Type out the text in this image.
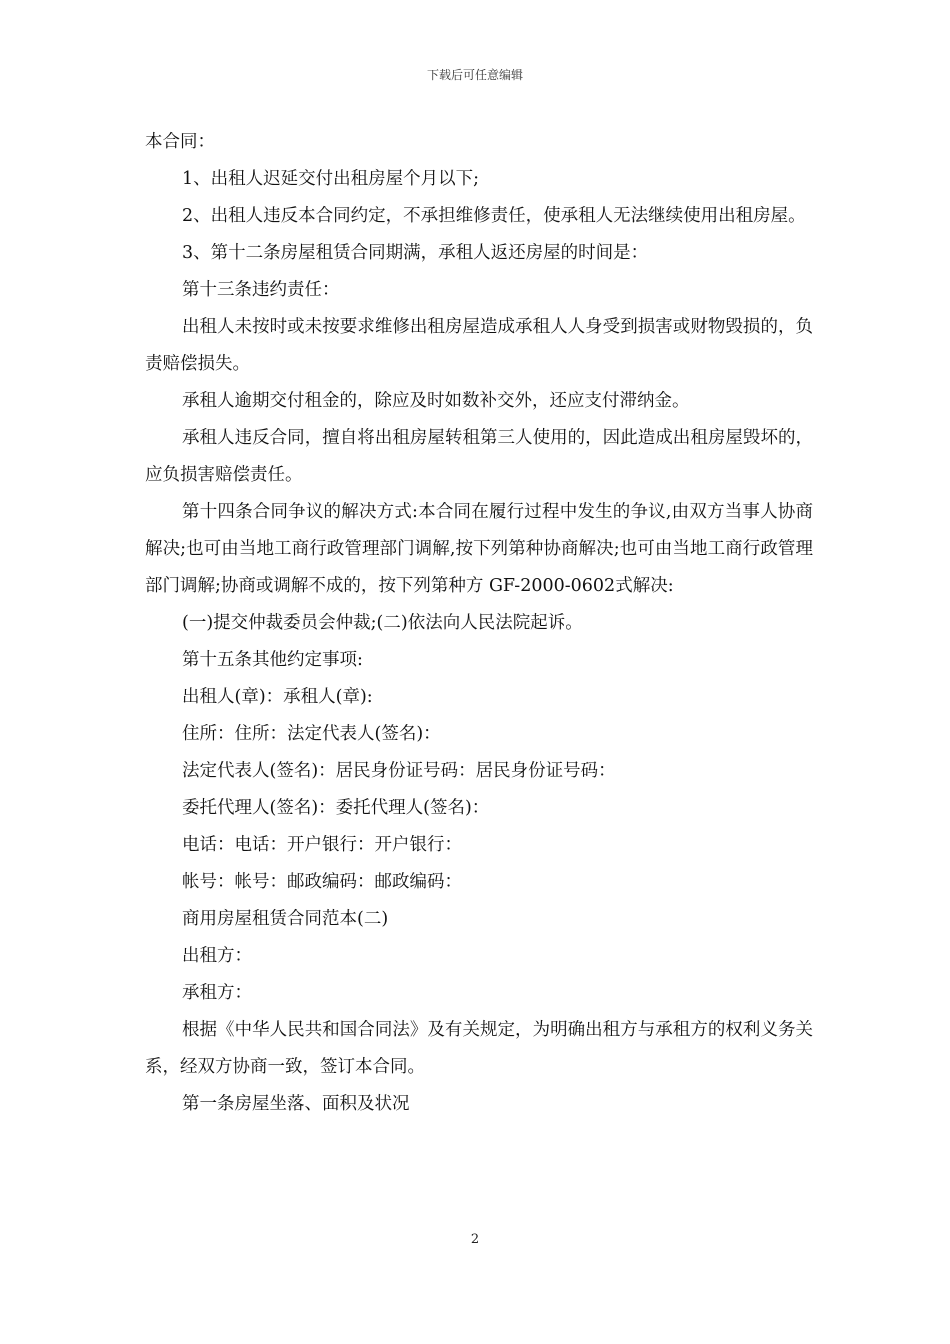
下载后可任意编辑

本合同：

1、出租人迟延交付出租房屋个月以下;

2、出租人违反本合同约定，不承担维修责任，使承租人无法继续使用出租房屋。

3、第十二条房屋租赁合同期满，承租人返还房屋的时间是：

第十三条违约责任：

出租人未按时或未按要求维修出租房屋造成承租人人身受到损害或财物毁损的，负责赔偿损失。

承租人逾期交付租金的，除应及时如数补交外，还应支付滞纳金。

承租人违反合同，擅自将出租房屋转租第三人使用的，因此造成出租房屋毁坏的，应负损害赔偿责任。

第十四条合同争议的解决方式:本合同在履行过程中发生的争议,由双方当事人协商解决;也可由当地工商行政管理部门调解,按下列第种协商解决;也可由当地工商行政管理部门调解;协商或调解不成的，按下列第种方 GF-2000-0602式解决:

(一)提交仲裁委员会仲裁;(二)依法向人民法院起诉。

第十五条其他约定事项:

出租人(章)：承租人(章):

住所：住所：法定代表人(签名)：

法定代表人(签名)：居民身份证号码：居民身份证号码：

委托代理人(签名)：委托代理人(签名)：

电话：电话：开户银行：开户银行：

帐号：帐号：邮政编码：邮政编码：

商用房屋租赁合同范本(二)

出租方：

承租方：

根据《中华人民共和国合同法》及有关规定，为明确出租方与承租方的权利义务关系，经双方协商一致，签订本合同。

第一条房屋坐落、面积及状况

2
